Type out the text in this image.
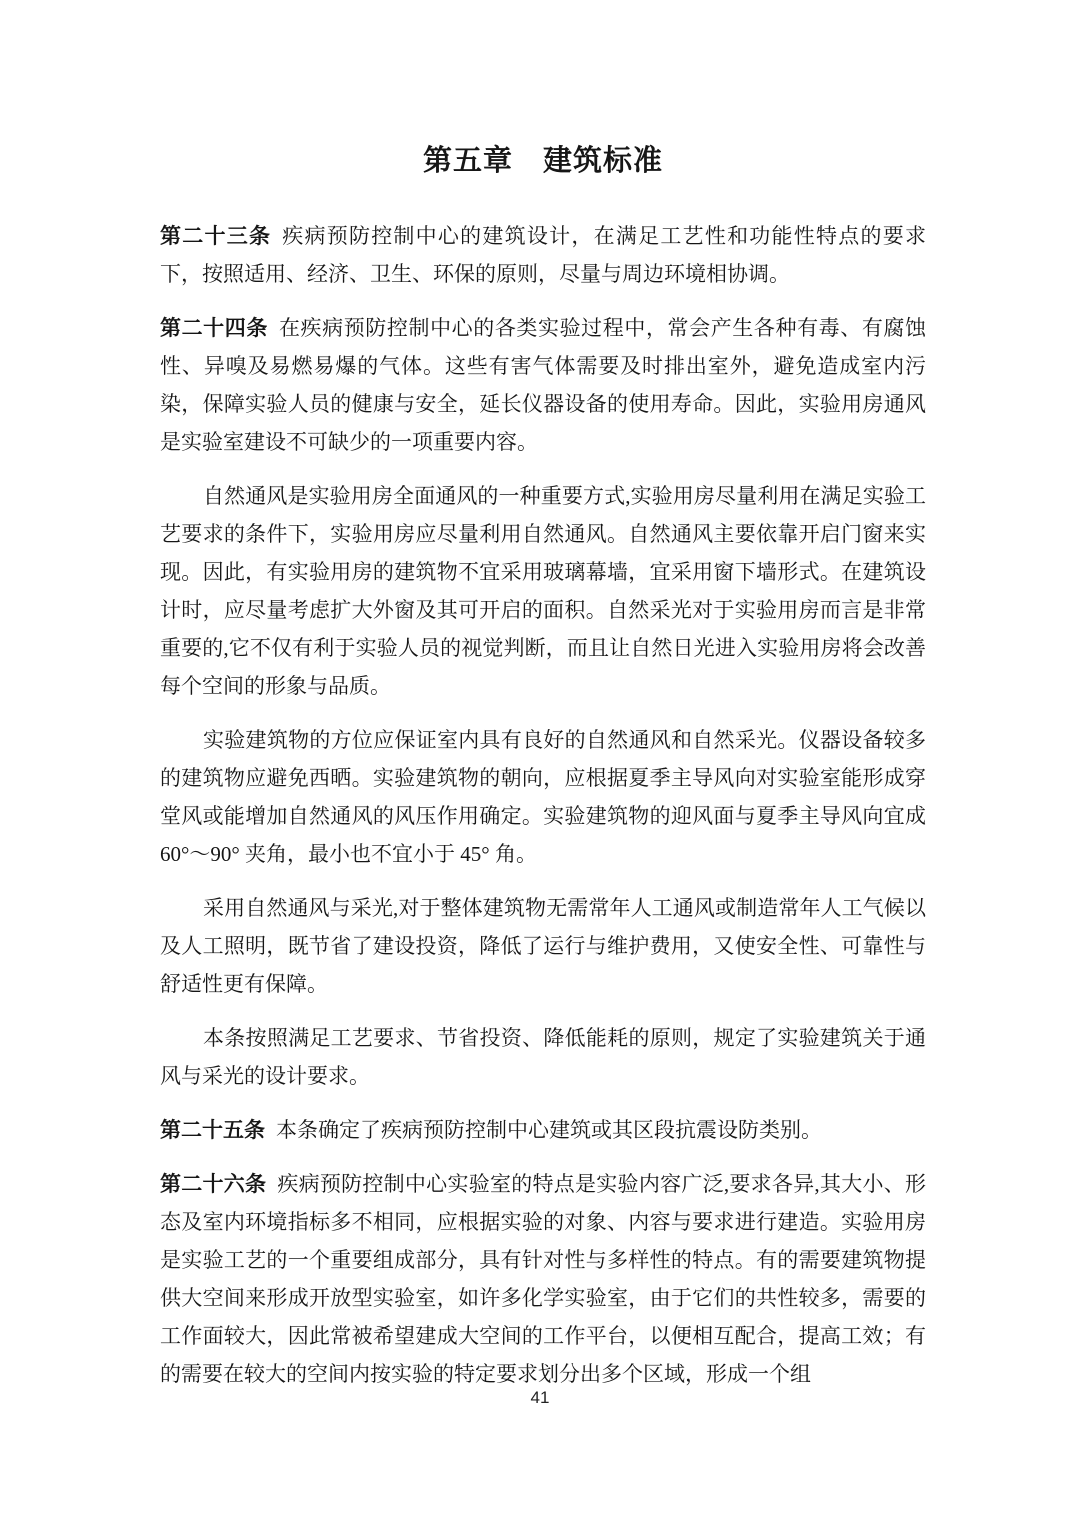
第五章　建筑标准

第二十三条 疾病预防控制中心的建筑设计，在满足工艺性和功能性特点的要求下，按照适用、经济、卫生、环保的原则，尽量与周边环境相协调。

第二十四条 在疾病预防控制中心的各类实验过程中，常会产生各种有毒、有腐蚀性、异嗅及易燃易爆的气体。这些有害气体需要及时排出室外，避免造成室内污染，保障实验人员的健康与安全，延长仪器设备的使用寿命。因此，实验用房通风是实验室建设不可缺少的一项重要内容。

自然通风是实验用房全面通风的一种重要方式,实验用房尽量利用在满足实验工艺要求的条件下，实验用房应尽量利用自然通风。自然通风主要依靠开启门窗来实现。因此，有实验用房的建筑物不宜采用玻璃幕墙，宜采用窗下墙形式。在建筑设计时，应尽量考虑扩大外窗及其可开启的面积。自然采光对于实验用房而言是非常重要的,它不仅有利于实验人员的视觉判断，而且让自然日光进入实验用房将会改善每个空间的形象与品质。

实验建筑物的方位应保证室内具有良好的自然通风和自然采光。仪器设备较多的建筑物应避免西晒。实验建筑物的朝向，应根据夏季主导风向对实验室能形成穿堂风或能增加自然通风的风压作用确定。实验建筑物的迎风面与夏季主导风向宜成 60°～90° 夹角，最小也不宜小于 45° 角。

采用自然通风与采光,对于整体建筑物无需常年人工通风或制造常年人工气候以及人工照明，既节省了建设投资，降低了运行与维护费用，又使安全性、可靠性与舒适性更有保障。

本条按照满足工艺要求、节省投资、降低能耗的原则，规定了实验建筑关于通风与采光的设计要求。

第二十五条 本条确定了疾病预防控制中心建筑或其区段抗震设防类别。

第二十六条 疾病预防控制中心实验室的特点是实验内容广泛,要求各异,其大小、形态及室内环境指标多不相同，应根据实验的对象、内容与要求进行建造。实验用房是实验工艺的一个重要组成部分，具有针对性与多样性的特点。有的需要建筑物提供大空间来形成开放型实验室，如许多化学实验室，由于它们的共性较多，需要的工作面较大，因此常被希望建成大空间的工作平台，以便相互配合，提高工效；有的需要在较大的空间内按实验的特定要求划分出多个区域，形成一个组

41
